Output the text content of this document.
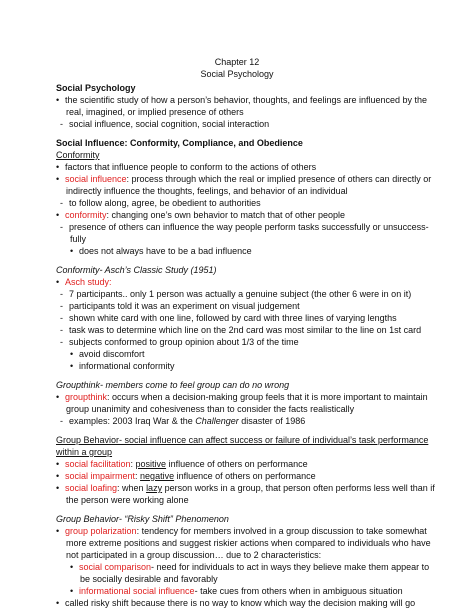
Chapter 12
Social Psychology
Social Psychology
• the scientific study of how a person’s behavior, thoughts, and feelings are influenced by the
real, imagined, or implied presence of others
- social influence, social cognition, social interaction
Social Influence: Conformity, Compliance, and Obedience
Conformity
• factors that influence people to conform to the actions of others
• social influence: process through which the real or implied presence of others can directly or
indirectly influence the thoughts, feelings, and behavior of an individual
- to follow along, agree, be obedient to authorities
• conformity: changing one’s own behavior to match that of other people
- presence of others can influence the way people perform tasks successfully or unsuccess-
fully
• does not always have to be a bad influence
Conformity- Asch’s Classic Study (1951)
• Asch study:
- 7 participants.. only 1 person was actually a genuine subject (the other 6 were in on it)
- participants told it was an experiment on visual judgement
- shown white card with one line, followed by card with three lines of varying lengths
- task was to determine which line on the 2nd card was most similar to the line on 1st card
- subjects conformed to group opinion about 1/3 of the time
• avoid discomfort
• informational conformity
Groupthink- members come to feel group can do no wrong
• groupthink: occurs when a decision-making group feels that it is more important to maintain
group unanimity and cohesiveness than to consider the facts realistically
- examples: 2003 Iraq War & the Challenger disaster of 1986
Group Behavior- social influence can affect success or failure of individual’s task performance
within a group
• social facilitation: positive influence of others on performance
• social impairment: negative influence of others on performance
• social loafing: when lazy person works in a group, that person often performs less well than if
the person were working alone
Group Behavior- “Risky Shift” Phenomenon
• group polarization: tendency for members involved in a group discussion to take somewhat
more extreme positions and suggest riskier actions when compared to individuals who have
not participated in a group discussion… due to 2 characteristics:
• social comparison- need for individuals to act in ways they believe make them appear to
be socially desirable and favorably
• informational social influence- take cues from others when in ambiguous situation
• called risky shift because there is no way to know which way the decision making will go
